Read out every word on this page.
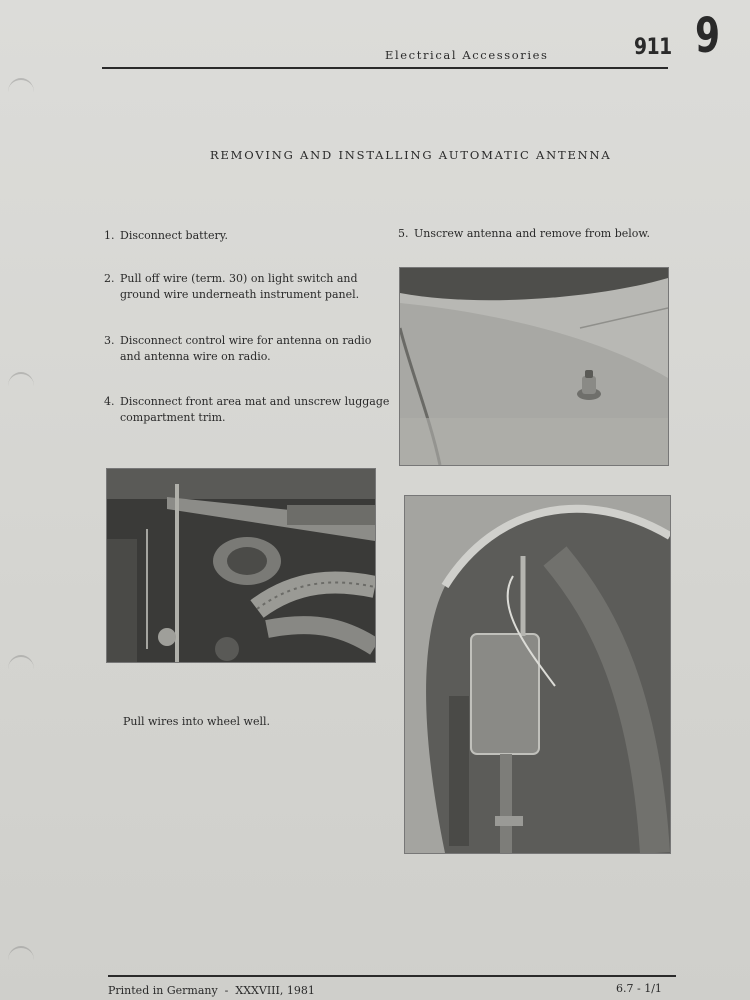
Electrical Accessories	911 9
REMOVING AND INSTALLING AUTOMATIC ANTENNA
1. Disconnect battery.
2. Pull off wire (term. 30) on light switch and
ground wire underneath instrument panel.
3. Disconnect control wire for antenna on radio
and antenna wire on radio.
4. Disconnect front area mat and unscrew luggage
compartment trim.
5. Unscrew antenna and remove from below.
Pull wires into wheel well.
Printed in Germany  -  XXXVIII, 1981	6.7 - 1/1
